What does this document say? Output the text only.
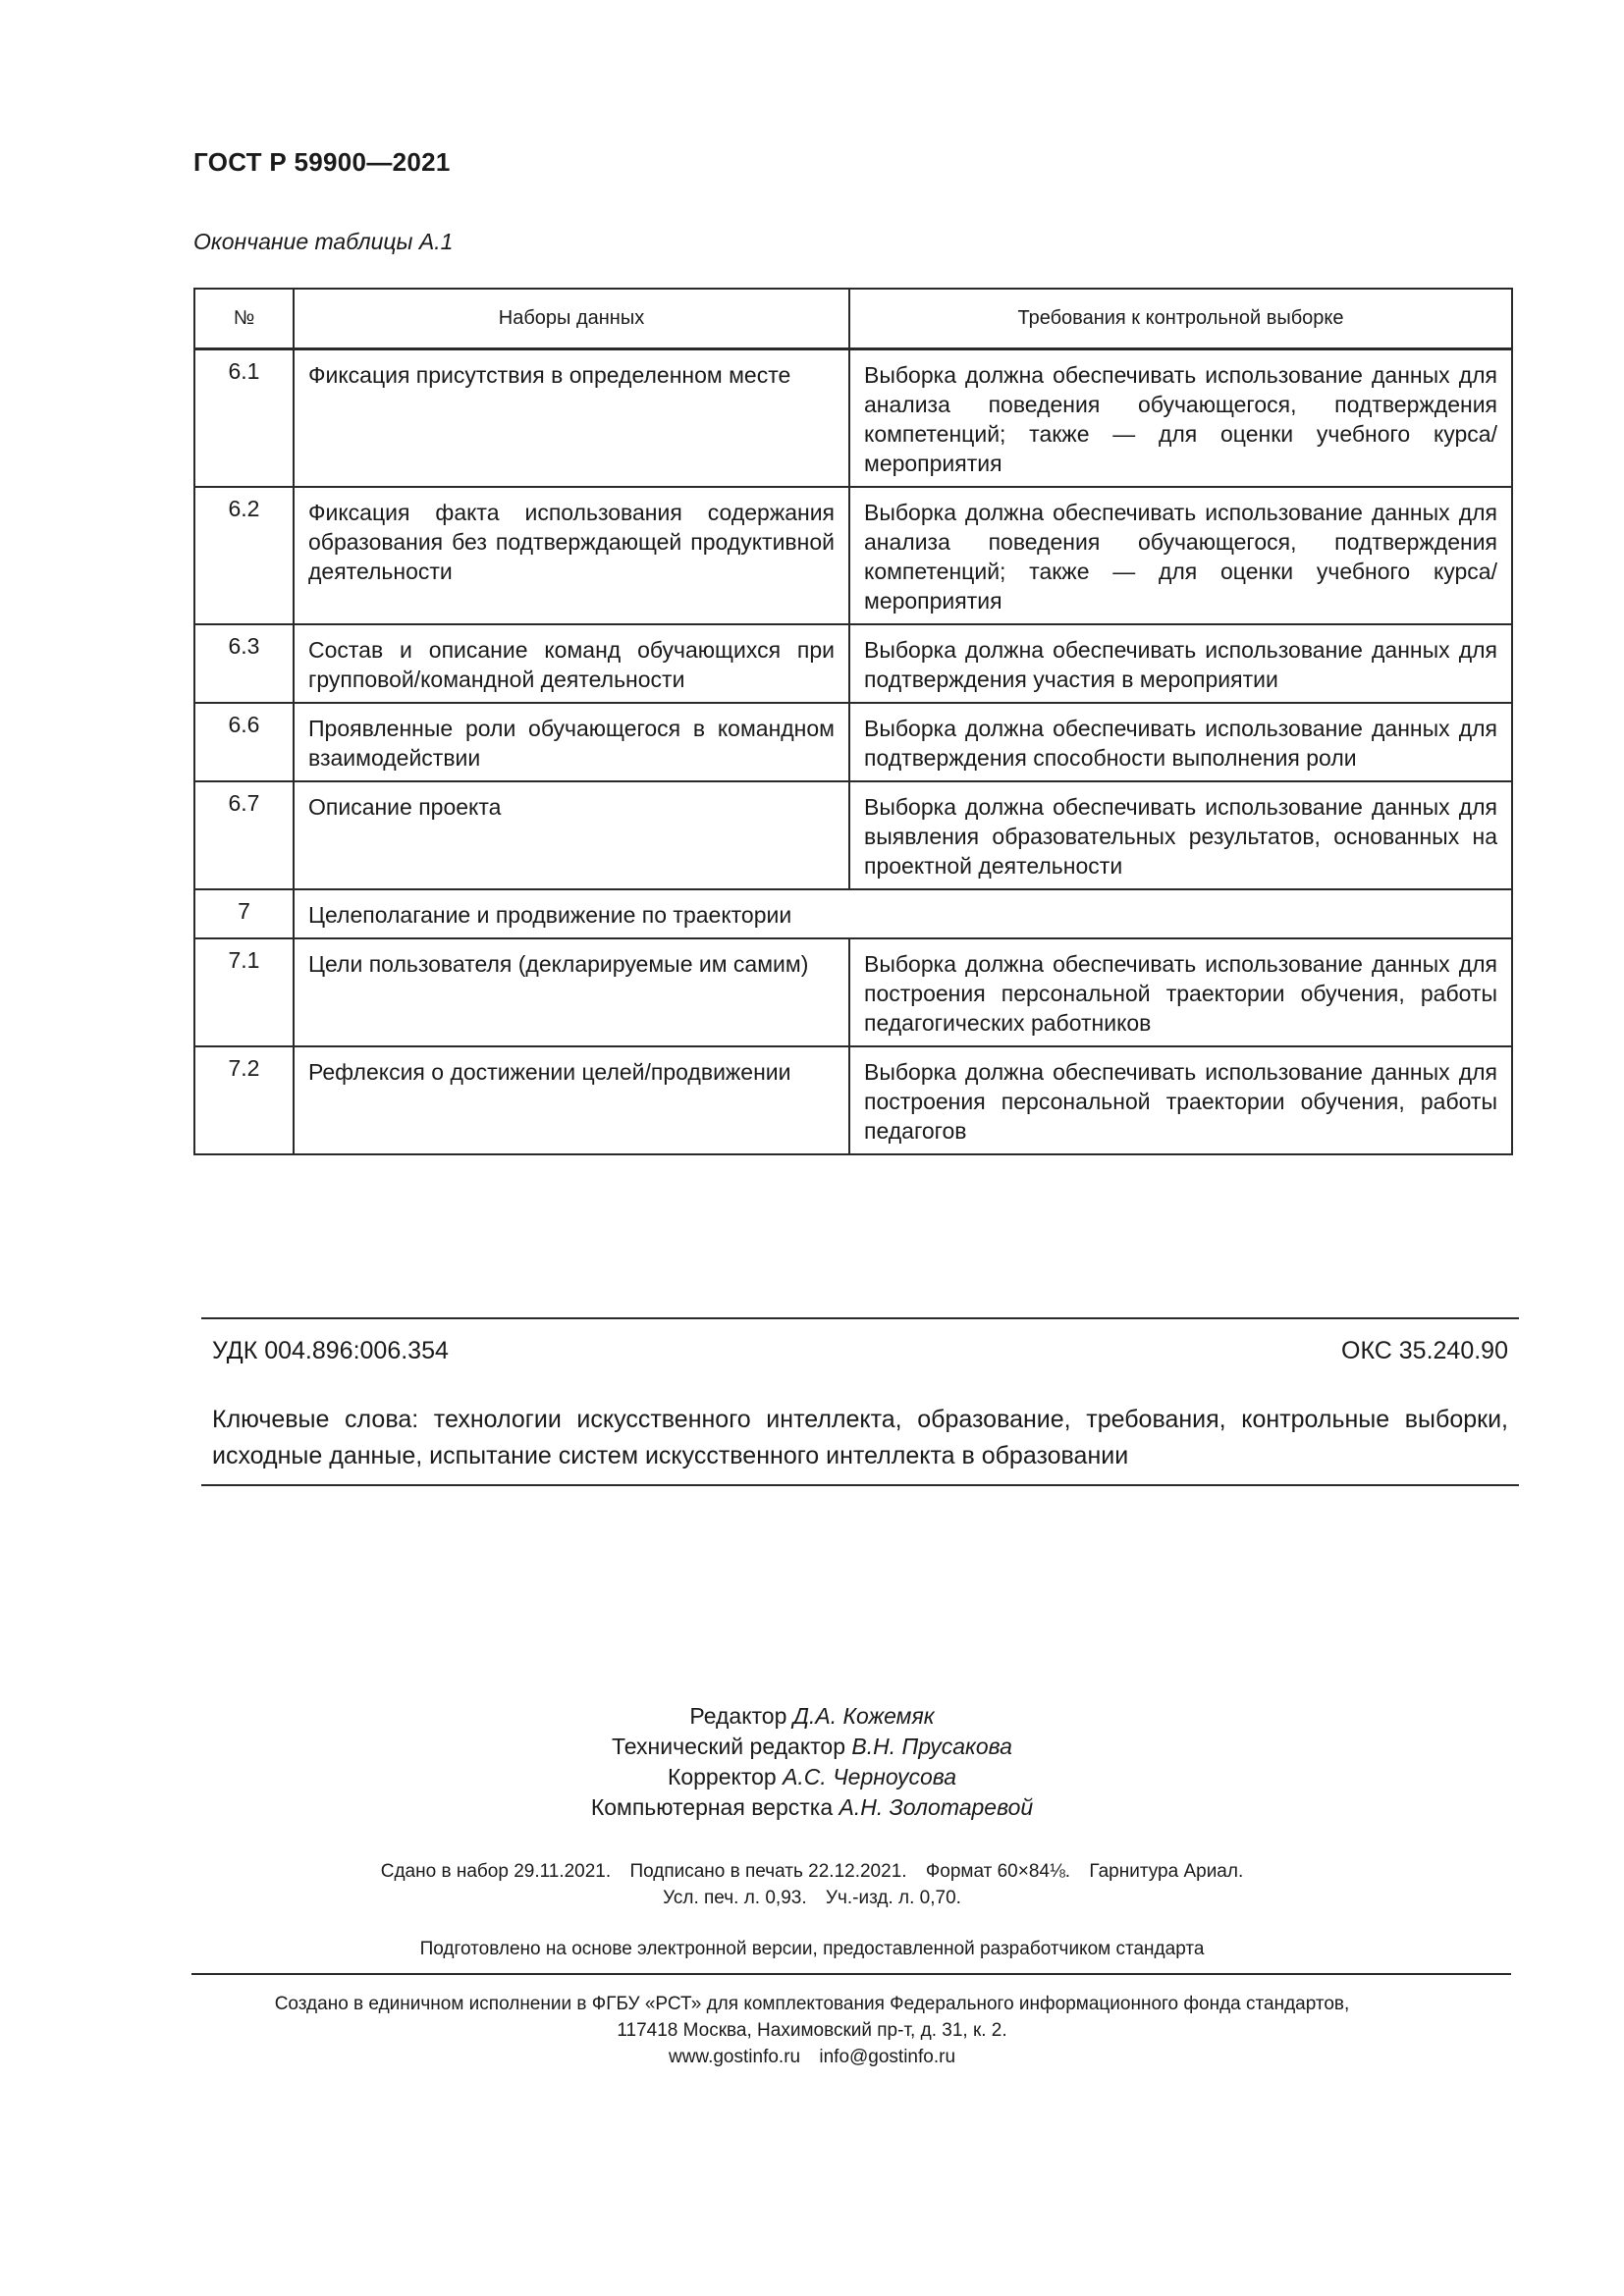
ГОСТ Р 59900—2021
Окончание таблицы А.1
№	Наборы данных	Требования к контрольной выборке
6.1	Фиксация присутствия в определенном месте	Выборка должна обеспечивать использование данных для анализа поведения обучающегося, подтверждения компетенций; также — для оценки учебного курса/мероприятия
6.2	Фиксация факта использования содержания образования без подтверждающей продуктивной деятельности	Выборка должна обеспечивать использование данных для анализа поведения обучающегося, подтверждения компетенций; также — для оценки учебного курса/мероприятия
6.3	Состав и описание команд обучающихся при групповой/командной деятельности	Выборка должна обеспечивать использование данных для подтверждения участия в мероприятии
6.6	Проявленные роли обучающегося в командном взаимодействии	Выборка должна обеспечивать использование данных для подтверждения способности выполнения роли
6.7	Описание проекта	Выборка должна обеспечивать использование данных для выявления образовательных результатов, основанных на проектной деятельности
7	Целеполагание и продвижение по траектории	
7.1	Цели пользователя (декларируемые им самим)	Выборка должна обеспечивать использование данных для построения персональной траектории обучения, работы педагогических работников
7.2	Рефлексия о достижении целей/продвижении	Выборка должна обеспечивать использование данных для построения персональной траектории обучения, работы педагогов
УДК 004.896:006.354	ОКС 35.240.90
Ключевые слова: технологии искусственного интеллекта, образование, требования, контрольные выборки, исходные данные, испытание систем искусственного интеллекта в образовании
Редактор Д.А. Кожемяк
Технический редактор В.Н. Прусакова
Корректор А.С. Черноусова
Компьютерная верстка А.Н. Золотаревой
Сдано в набор 29.11.2021. Подписано в печать 22.12.2021. Формат 60×84⅛. Гарнитура Ариал.
Усл. печ. л. 0,93. Уч.-изд. л. 0,70.
Подготовлено на основе электронной версии, предоставленной разработчиком стандарта
Создано в единичном исполнении в ФГБУ «РСТ» для комплектования Федерального информационного фонда стандартов,
117418 Москва, Нахимовский пр-т, д. 31, к. 2.
www.gostinfo.ru info@gostinfo.ru
